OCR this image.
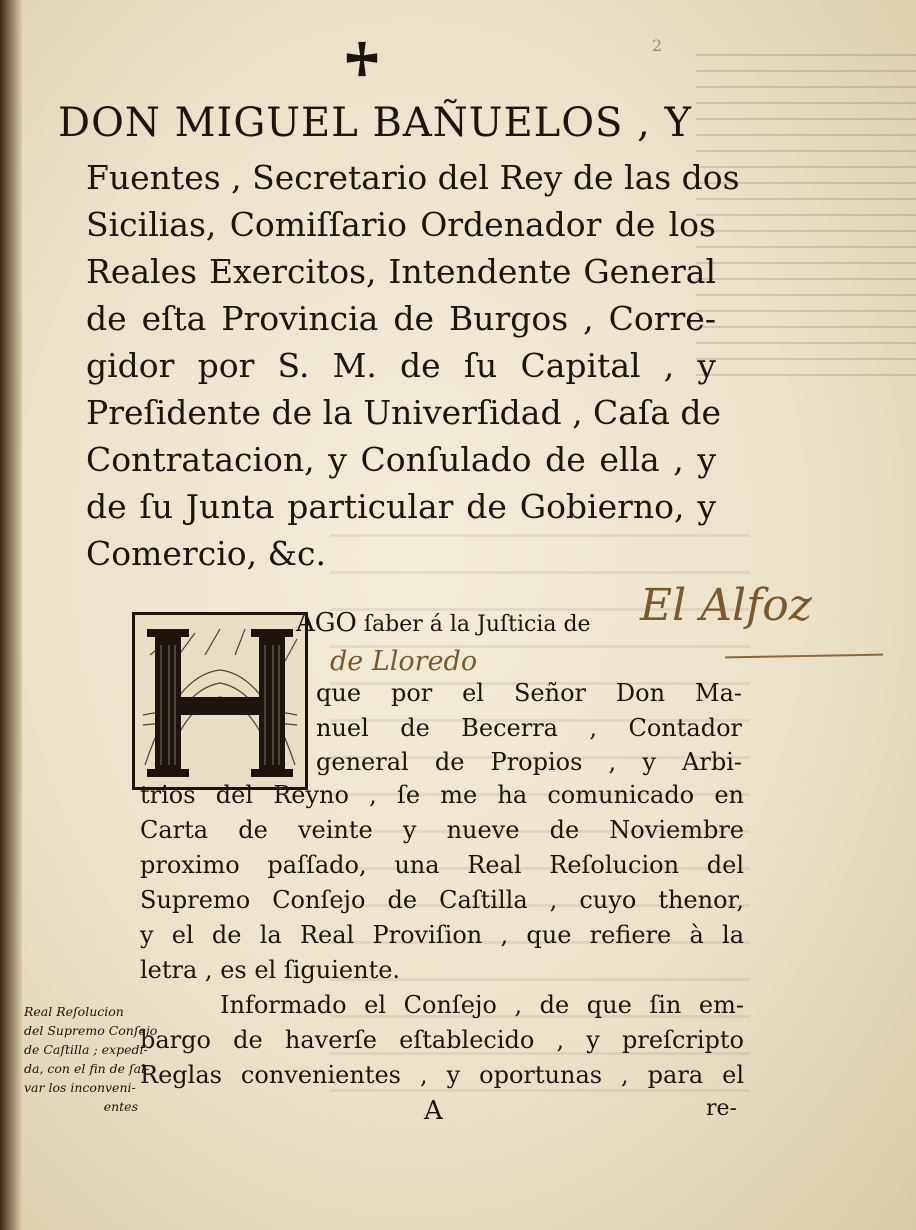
2
DON MIGUEL BAÑUELOS , Y
Fuentes , Secretario del Rey de las dos
Sicilias, Comiſſario Ordenador de los
Reales Exercitos, Intendente General
de eſta Provincia de Burgos , Corre-
gidor por S. M. de ſu Capital , y
Preſidente de la Univerſidad , Caſa de
Contratacion, y Conſulado de ella , y
de ſu Junta particular de Gobierno, y
Comercio, &c.
AGO ſaber á la Juſticia de El Alfoz
de Lloredo
que por el Señor Don Ma-
nuel de Becerra , Contador
general de Propios , y Arbi-
trios del Reyno , ſe me ha comunicado en
Carta de veinte y nueve de Noviembre
proximo paſſado, una Real Reſolucion del
Supremo Conſejo de Caſtilla , cuyo thenor,
y el de la Real Proviſion , que refiere à la
letra , es el ſiguiente.
Informado el Conſejo , de que ſin em-
bargo de haverſe eſtablecido , y preſcripto
Reglas convenientes , y oportunas , para el
Real Reſolucion
del Supremo Conſejo
de Caſtilla ; expedi-
da, con el fin de ſal-
var los inconveni-
entes	A	re-
